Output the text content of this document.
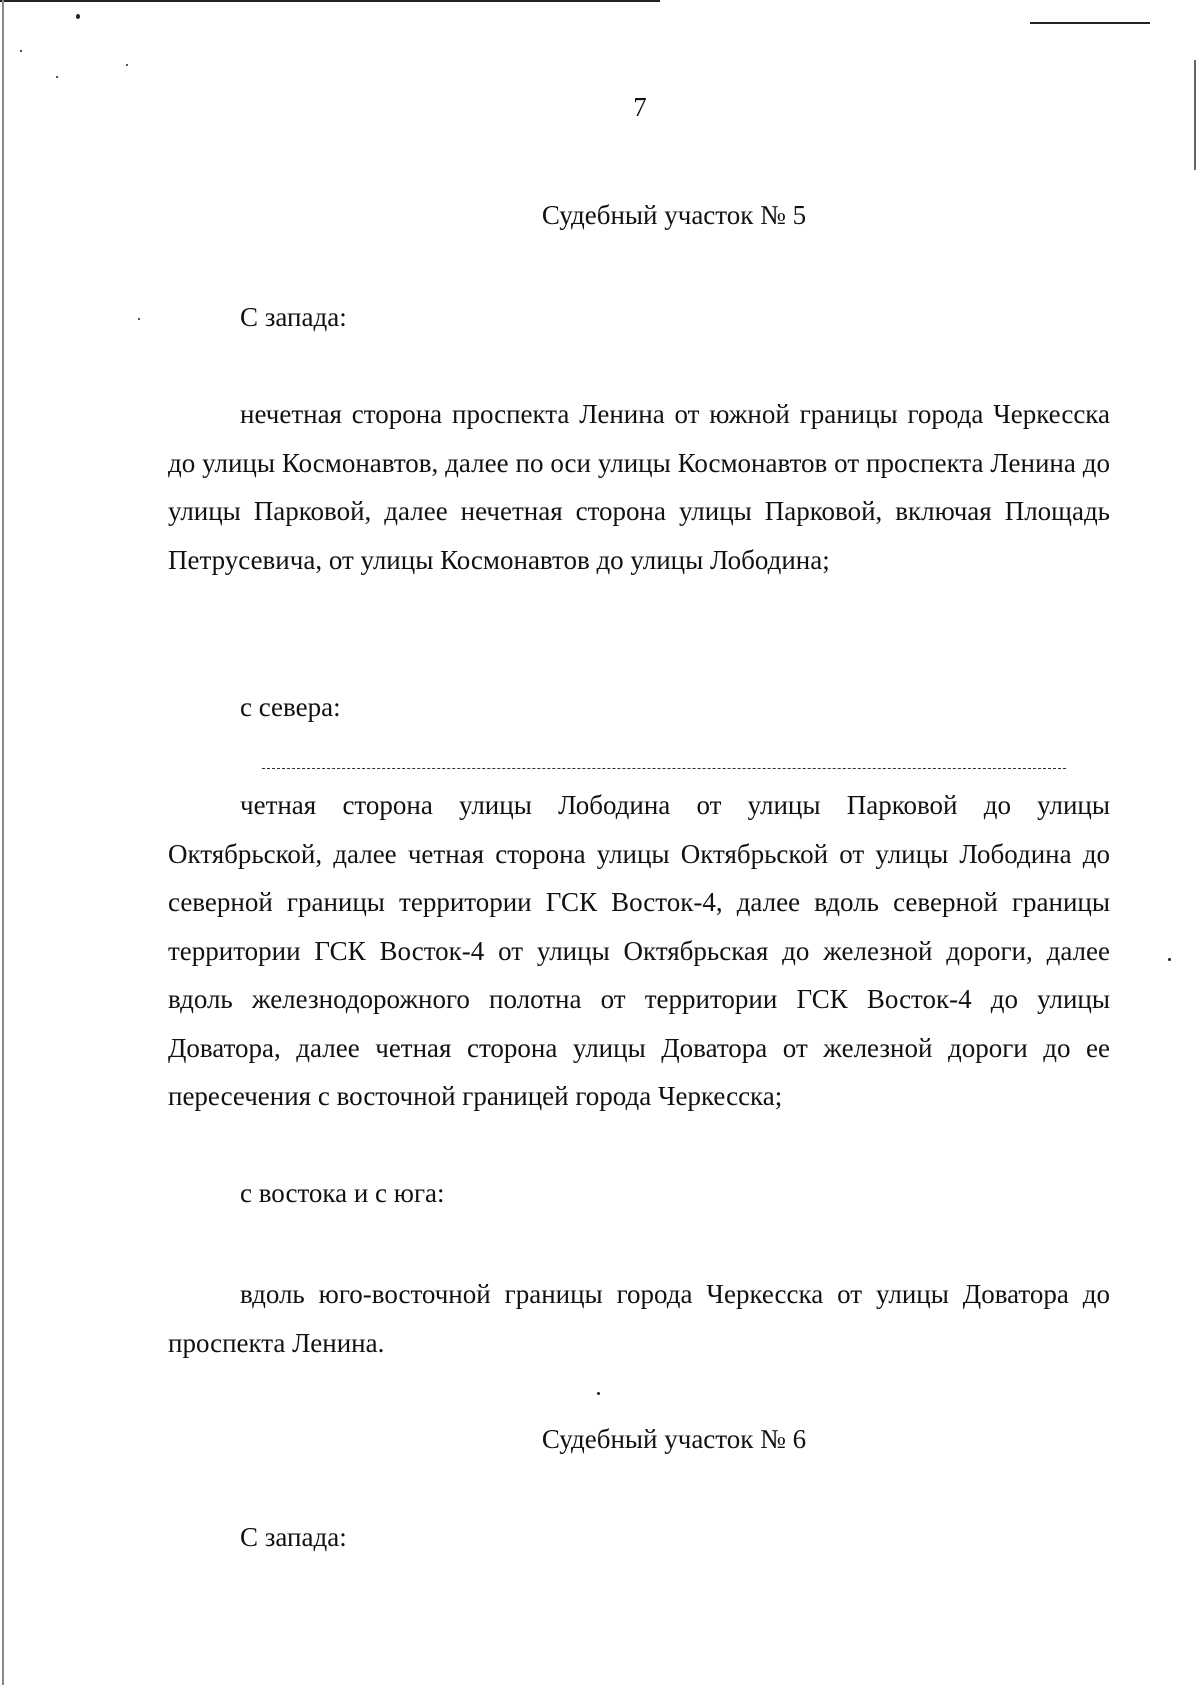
7
Судебный участок № 5
С запада:
нечетная сторона проспекта Ленина от южной границы города Черкесска до улицы Космонавтов, далее по оси улицы Космонавтов от проспекта Ленина до улицы Парковой, далее нечетная сторона улицы Парковой, включая Площадь Петрусевича, от улицы Космонавтов до улицы Лободина;
с севера:
четная сторона улицы Лободина от улицы Парковой до улицы Октябрьской, далее четная сторона улицы Октябрьской от улицы Лободина до северной границы территории ГСК Восток-4, далее вдоль северной границы территории ГСК Восток-4 от улицы Октябрьская до железной дороги, далее вдоль железнодорожного полотна от территории ГСК Восток-4 до улицы Доватора, далее четная сторона улицы Доватора от железной дороги до ее пересечения с восточной границей города Черкесска;
с востока и с юга:
вдоль юго-восточной границы города Черкесска от улицы Доватора до проспекта Ленина.
Судебный участок № 6
С запада:
